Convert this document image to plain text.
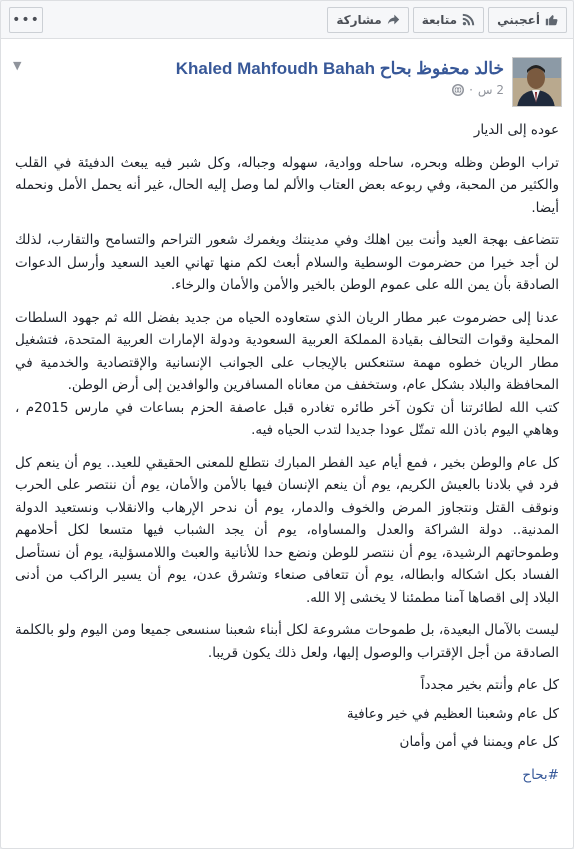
أعجبني
متابعة
مشاركة
•••
خالد محفوظ بحاح Khaled Mahfoudh Bahah
2 س
·
▼

عوده إلى الديار

تراب الوطن وظله وبحره، ساحله ووادية، سهوله وجباله، وكل شبر فيه يبعث الدفيئة في القلب والكثير من المحبة، وفي ربوعه بعض العتاب والألم لما وصل إليه الحال، غير أنه يحمل الأمل ونحمله أيضا.

تتضاعف بهجة العيد وأنت بين اهلك وفي مدينتك ويغمرك شعور التراحم والتسامح والتقارب، لذلك لن أجد خيرا من حضرموت الوسطية والسلام أبعث لكم منها تهاني العيد السعيد وأرسل الدعوات الصادقة بأن يمن الله على عموم الوطن بالخير والأمن والأمان والرخاء.

عدنا إلى حضرموت عبر مطار الريان الذي ستعاوده الحياه من جديد بفضل الله ثم جهود السلطات المحلية وقوات التحالف بقيادة المملكة العربية السعودية ودولة الإمارات العربية المتحدة، فتشغيل مطار الريان خطوه مهمة ستنعكس بالإيجاب على الجوانب الإنسانية والإقتصادية والخدمية في المحافظة والبلاد بشكل عام، وستخفف من معاناه المسافرين والوافدين إلى أرض الوطن.

كتب الله لطائرتنا أن تكون آخر طائره تغادره قبل عاصفة الحزم بساعات في مارس 2015م ، وهاهي اليوم باذن الله تمتّل عودا جديدا لتدب الحياه فيه.

كل عام والوطن بخير ، فمع أيام عيد الفطر المبارك نتطلع للمعنى الحقيقي للعيد.. يوم أن ينعم كل فرد في بلادنا بالعيش الكريم، يوم أن ينعم الإنسان فيها بالأمن والأمان، يوم أن ننتصر على الحرب ونوقف القتل ونتجاوز المرض والخوف والدمار، يوم أن ندحر الإرهاب والانقلاب ونستعيد الدولة المدنية.. دولة الشراكة والعدل والمساواه، يوم أن يجد الشباب فيها متسعا لكل أحلامهم وطموحاتهم الرشيدة، يوم أن ننتصر للوطن ونضع حدا للأنانية والعبث واللامسؤلية، يوم أن نستأصل الفساد بكل اشكاله وابطاله، يوم أن تتعافى صنعاء وتشرق عدن، يوم أن يسير الراكب من أدنى البلاد إلى اقصاها آمنا مطمئنا لا يخشى إلا الله.

ليست بالآمال البعيدة، بل طموحات مشروعة لكل أبناء شعبنا سنسعى جميعا ومن اليوم ولو بالكلمة الصادقة من أجل الإقتراب والوصول إليها، ولعل ذلك يكون قريبا.

كل عام وأنتم بخير مجدداً

كل عام وشعبنا العظيم في خير وعافية

كل عام ويمننا في أمن وأمان

#بحاح
